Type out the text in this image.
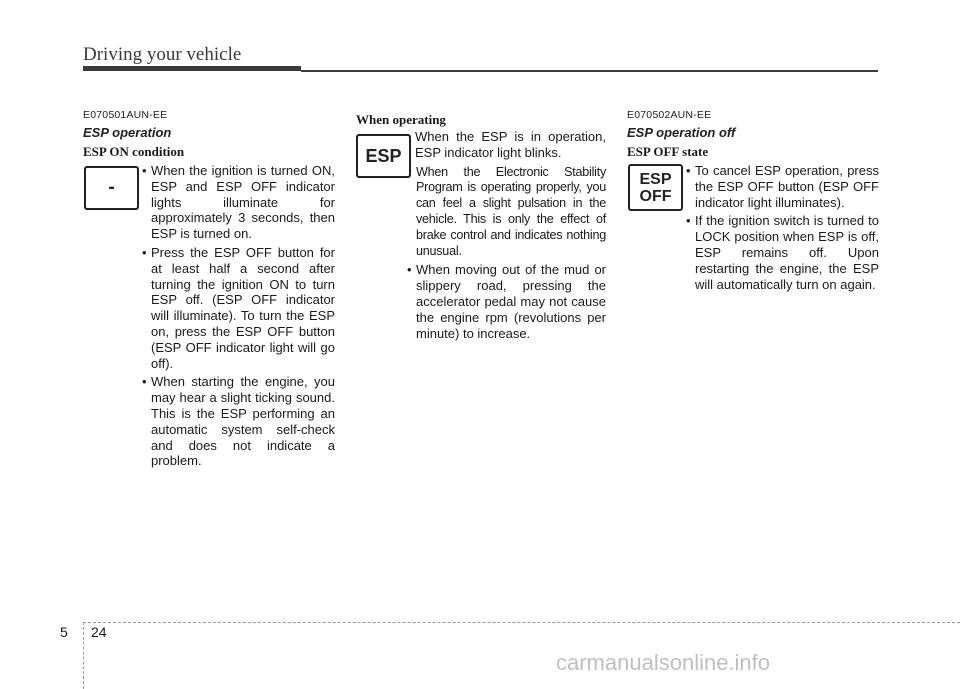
Driving your vehicle
E070501AUN-EE
ESP operation
ESP ON condition
• When the ignition is turned ON, ESP and ESP OFF indicator lights illuminate for approximately 3 seconds, then ESP is turned on.
• Press the ESP OFF button for at least half a second after turning the ignition ON to turn ESP off. (ESP OFF indicator will illuminate). To turn the ESP on, press the ESP OFF button (ESP OFF indicator light will go off).
• When starting the engine, you may hear a slight ticking sound. This is the ESP performing an automatic system self-check and does not indicate a problem.
-
When operating
When the ESP is in operation, ESP indicator light blinks.
• When the Electronic Stability Program is operating properly, you can feel a slight pulsation in the vehicle. This is only the effect of brake control and indicates nothing unusual.
• When moving out of the mud or slippery road, pressing the accelerator pedal may not cause the engine rpm (revolutions per minute) to increase.
ESP
E070502AUN-EE
ESP operation off
ESP OFF state
• To cancel ESP operation, press the ESP OFF button (ESP OFF indicator light illuminates).
• If the ignition switch is turned to LOCK position when ESP is off, ESP remains off. Upon restarting the engine, the ESP will automatically turn on again.
ESP
OFF
5 24
carmanualsonline.info
